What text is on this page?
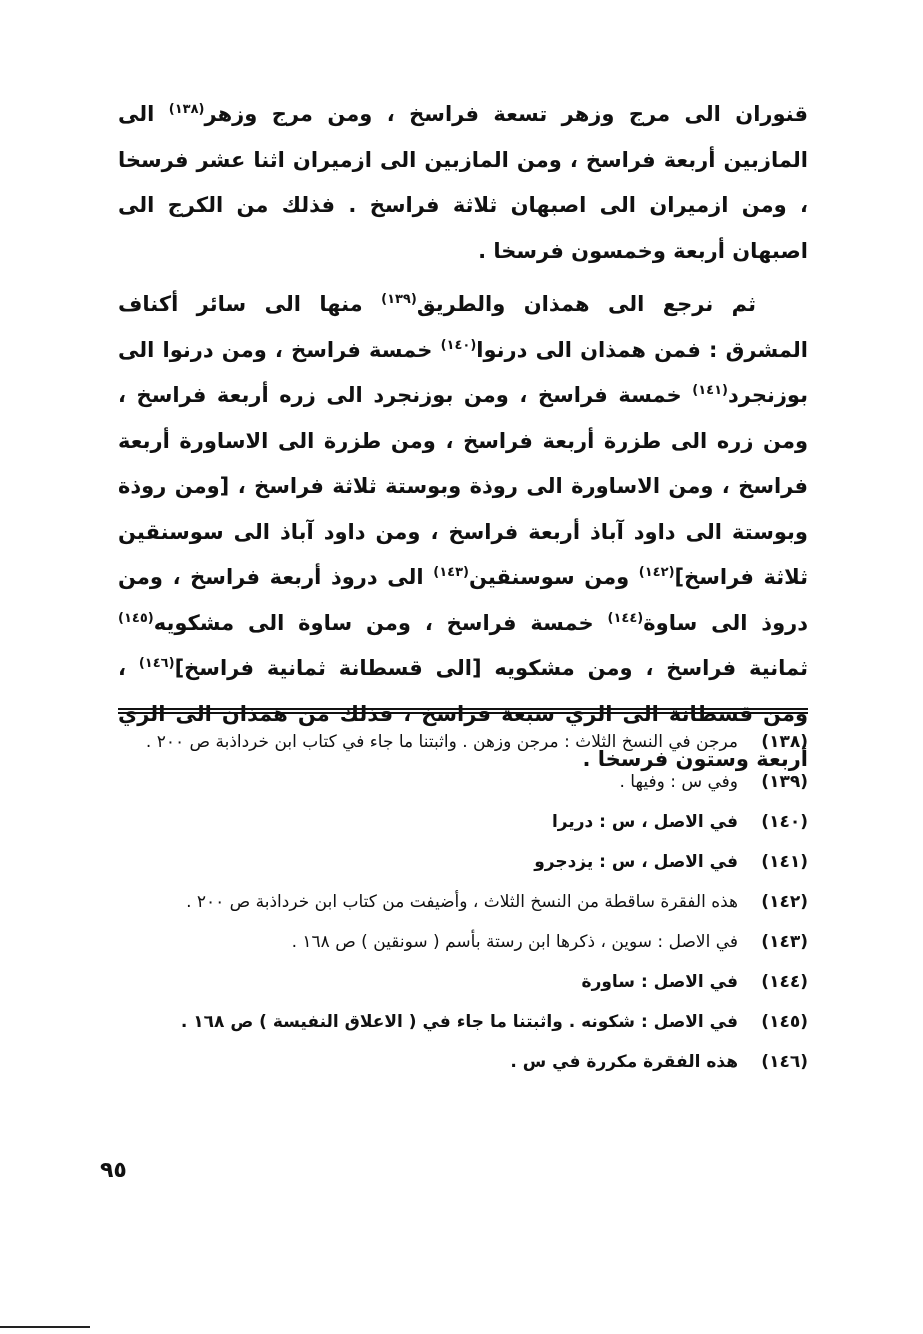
قنوران الى مرج وزهر تسعة فراسخ ، ومن مرج وزهر$^{(١٣٨)}$ الى المازبين أربعة فراسخ ، ومن المازبين الى ازميران اثنا عشر فرسخا ، ومن ازميران الى اصبهان ثلاثة فراسخ . فذلك من الكرج الى اصبهان أربعة وخمسون فرسخا .

ثم نرجع الى همذان والطريق$^{(١٣٩)}$ منها الى سائر أكناف المشرق : فمن همذان الى درنوا$^{(١٤٠)}$ خمسة فراسخ ، ومن درنوا الى بوزنجرد$^{(١٤١)}$ خمسة فراسخ ، ومن بوزنجرد الى زره أربعة فراسخ ، ومن زره الى طزرة أربعة فراسخ ، ومن طزرة الى الاساورة أربعة فراسخ ، ومن الاساورة الى روذة وبوستة ثلاثة فراسخ ، [ومن روذة وبوستة الى داود آباذ أربعة فراسخ ، ومن داود آباذ الى سوسنقين ثلاثة فراسخ]$^{(١٤٢)}$ ومن سوسنقين$^{(١٤٣)}$ الى دروذ أربعة فراسخ ، ومن دروذ الى ساوة$^{(١٤٤)}$ خمسة فراسخ ، ومن ساوة الى مشكويه$^{(١٤٥)}$ ثمانية فراسخ ، ومن مشكويه [الى قسطانة ثمانية فراسخ]$^{(١٤٦)}$ ، ومن قسطانة الى الري سبعة فراسخ ، فذلك من همذان الى الري أربعة وستون فرسخا .

(١٣٨)
مرجن في النسخ الثلاث : مرجن وزهن . واثبتنا ما جاء في كتاب ابن خرداذبة ص ٢٠٠ .
(١٣٩)
وفي س : وفيها .
(١٤٠)
في الاصل ، س : دريرا
(١٤١)
في الاصل ، س : يزدجرو
(١٤٢)
هذه الفقرة ساقطة من النسخ الثلاث ، وأضيفت من كتاب ابن خرداذبة ص ٢٠٠ .
(١٤٣)
في الاصل : سوين ، ذكرها ابن رستة بأسم ( سونقين ) ص ١٦٨ .
(١٤٤)
في الاصل : ساورة
(١٤٥)
في الاصل : شكونه . واثبتنا ما جاء في ( الاعلاق النفيسة ) ص ١٦٨ .
(١٤٦)
هذه الفقرة مكررة في س .
٩٥
